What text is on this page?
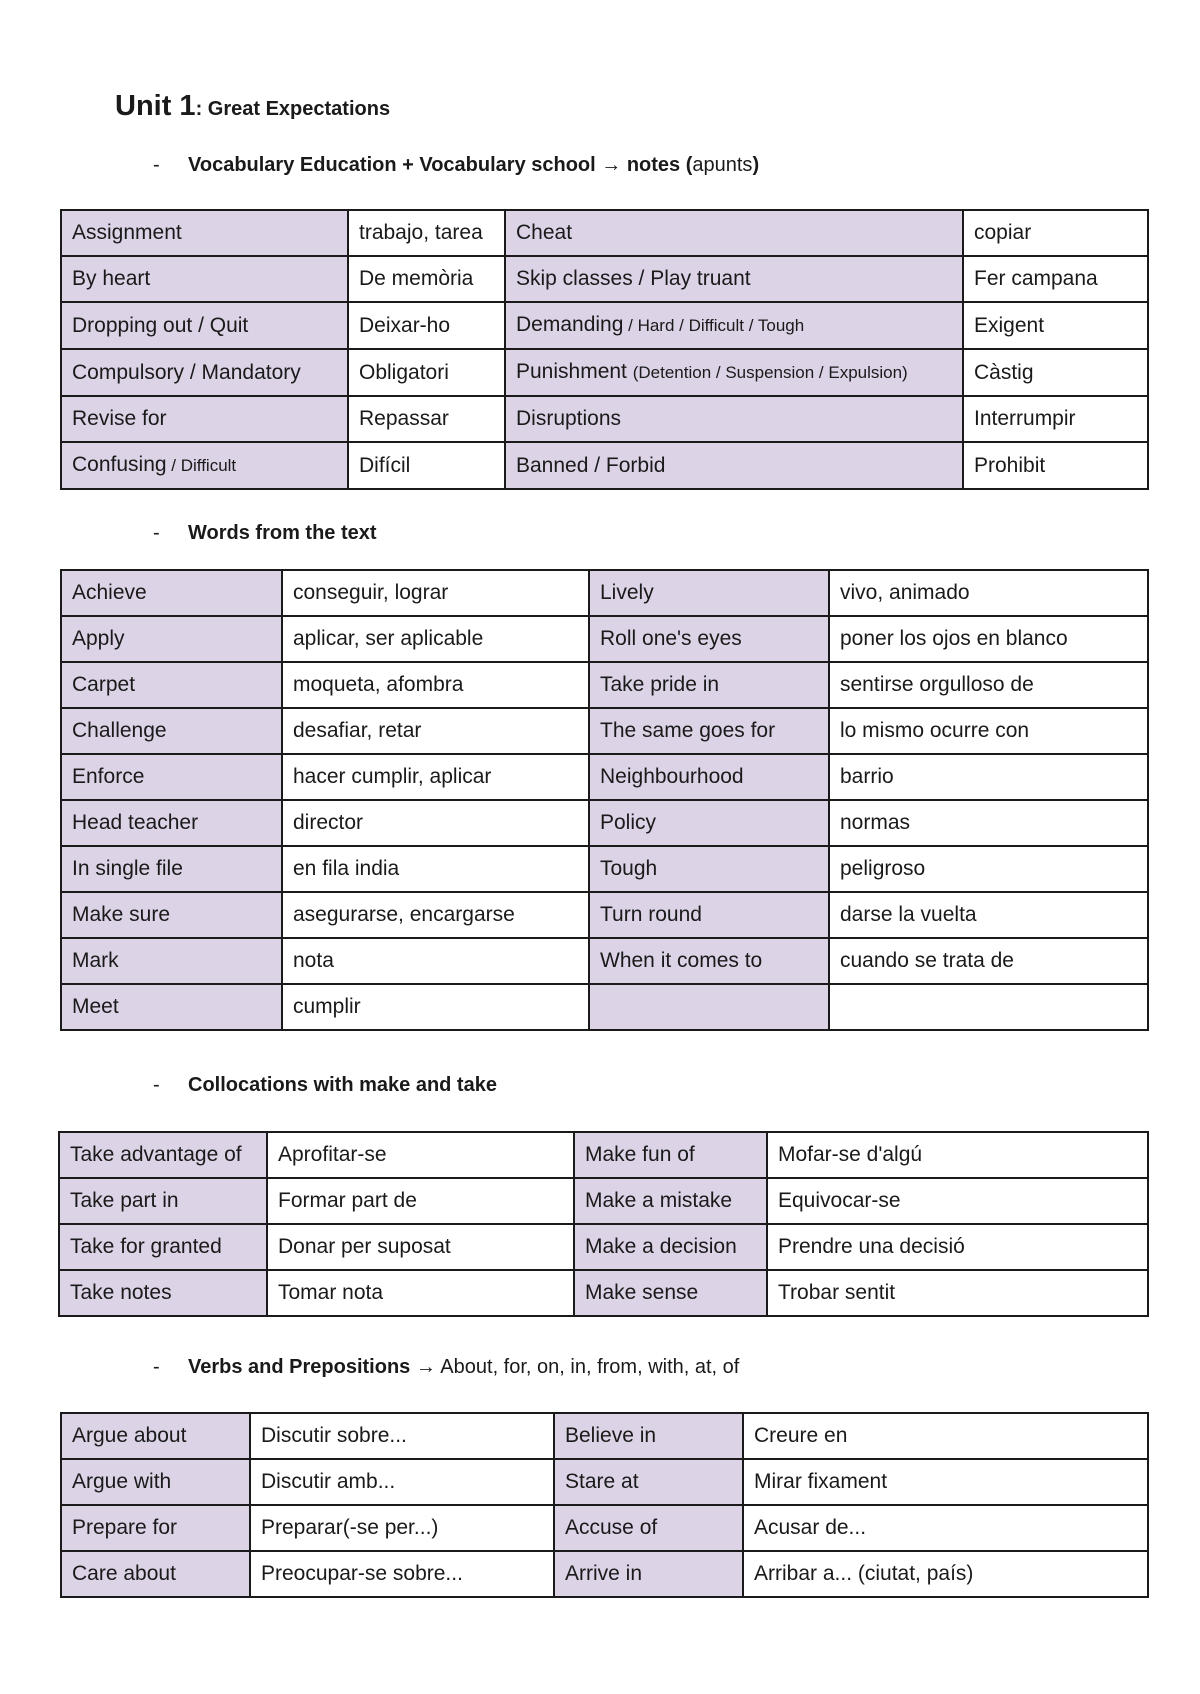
Unit 1: Great Expectations
- Vocabulary Education + Vocabulary school → notes (apunts)
Assignment	trabajo, tarea	Cheat	copiar
By heart	De memòria	Skip classes / Play truant	Fer campana
Dropping out / Quit	Deixar-ho	Demanding / Hard / Difficult / Tough	Exigent
Compulsory / Mandatory	Obligatori	Punishment (Detention / Suspension / Expulsion)	Càstig
Revise for	Repassar	Disruptions	Interrumpir
Confusing / Difficult	Difícil	Banned / Forbid	Prohibit
- Words from the text
Achieve	conseguir, lograr	Lively	vivo, animado
Apply	aplicar, ser aplicable	Roll one's eyes	poner los ojos en blanco
Carpet	moqueta, afombra	Take pride in	sentirse orgulloso de
Challenge	desafiar, retar	The same goes for	lo mismo ocurre con
Enforce	hacer cumplir, aplicar	Neighbourhood	barrio
Head teacher	director	Policy	normas
In single file	en fila india	Tough	peligroso
Make sure	asegurarse, encargarse	Turn round	darse la vuelta
Mark	nota	When it comes to	cuando se trata de
Meet	cumplir		
- Collocations with make and take
Take advantage of	Aprofitar-se	Make fun of	Mofar-se d'algú
Take part in	Formar part de	Make a mistake	Equivocar-se
Take for granted	Donar per suposat	Make a decision	Prendre una decisió
Take notes	Tomar nota	Make sense	Trobar sentit
- Verbs and Prepositions → About, for, on, in, from, with, at, of
Argue about	Discutir sobre...	Believe in	Creure en
Argue with	Discutir amb...	Stare at	Mirar fixament
Prepare for	Preparar(-se per...)	Accuse of	Acusar de...
Care about	Preocupar-se sobre...	Arrive in	Arribar a... (ciutat, país)
